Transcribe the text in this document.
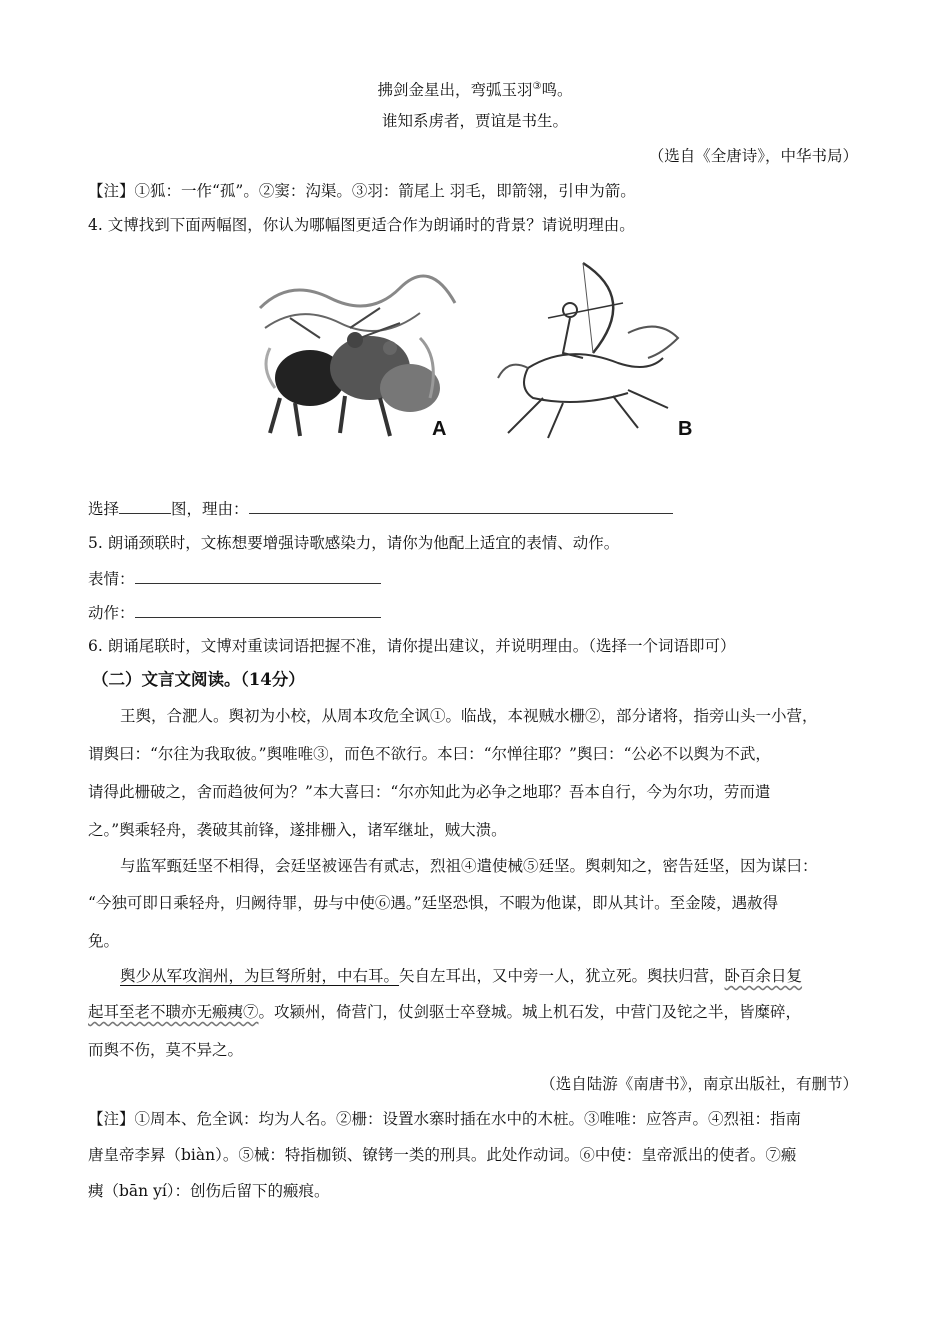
拂剑金星出，弯弧玉羽③鸣。
谁知系虏者，贾谊是书生。
（选自《全唐诗》，中华书局）
【注】①狐：一作“孤”。②窦：沟渠。③羽：箭尾上 羽毛，即箭翎，引申为箭。
4. 文博找到下面两幅图，你认为哪幅图更适合作为朗诵时的背景？请说明理由。
A	B
选择	图，理由：
5. 朗诵颈联时，文栋想要增强诗歌感染力，请你为他配上适宜的表情、动作。
表情：
动作：
6. 朗诵尾联时，文博对重读词语把握不准，请你提出建议，并说明理由。（选择一个词语即可）
（二）文言文阅读。（14分）
王舆，合淝人。舆初为小校，从周本攻危全讽①。临战，本视贼水栅②，部分诸将，指旁山头一小营，
谓舆曰：“尔往为我取彼。”舆唯唯③，而色不欲行。本曰：“尔惮往耶？”舆曰：“公必不以舆为不武，
请得此栅破之，舍而趋彼何为？”本大喜曰：“尔亦知此为必争之地耶？吾本自行，今为尔功，劳而遣
之。”舆乘轻舟，袭破其前锋，遂排栅入，诸军继址，贼大溃。
与监军甄廷坚不相得，会廷坚被诬告有贰志，烈祖④遣使械⑤廷坚。舆刺知之，密告廷坚，因为谋曰：
“今独可即日乘轻舟，归阙待罪，毋与中使⑥遇。”廷坚恐惧，不暇为他谋，即从其计。至金陵，遇赦得
免。
舆少从军攻润州，为巨弩所射，中右耳。矢自左耳出，又中旁一人，犹立死。舆扶归营，卧百余日复
起耳至老不聩亦无瘢痍⑦。攻颍州，倚营门，仗剑驱士卒登城。城上机石发，中营门及铊之半，皆糜碎，
而舆不伤，莫不异之。
（选自陆游《南唐书》，南京出版社，有删节）
【注】①周本、危全讽：均为人名。②栅：设置水寨时插在水中的木桩。③唯唯：应答声。④烈祖：指南
唐皇帝李昪（biàn）。⑤械：特指枷锁、镣铐一类的刑具。此处作动词。⑥中使：皇帝派出的使者。⑦瘢
痍（bān yí）：创伤后留下的瘢痕。
